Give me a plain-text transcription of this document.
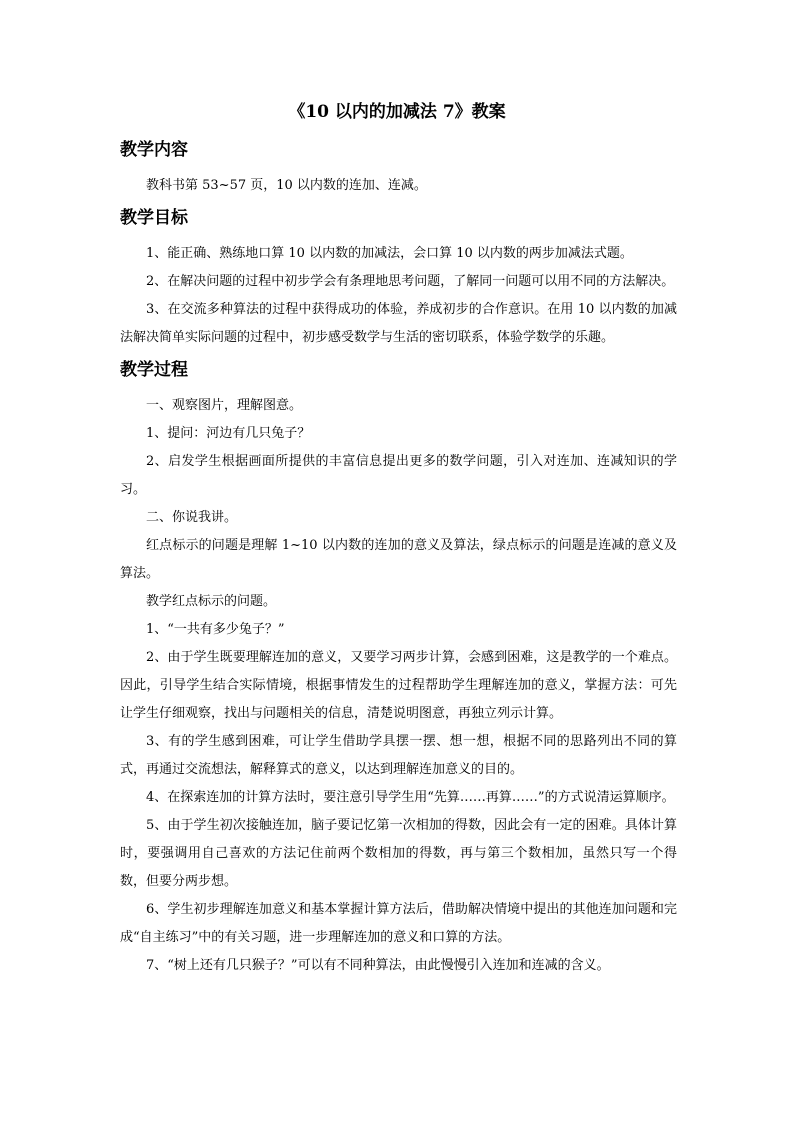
《10 以内的加减法 7》教案
教学内容

教科书第 53~57 页，10 以内数的连加、连减。

教学目标

1、能正确、熟练地口算 10 以内数的加减法，会口算 10 以内数的两步加减法式题。

2、在解决问题的过程中初步学会有条理地思考问题，了解同一问题可以用不同的方法解决。

3、在交流多种算法的过程中获得成功的体验，养成初步的合作意识。在用 10 以内数的加减法解决简单实际问题的过程中，初步感受数学与生活的密切联系，体验学数学的乐趣。

教学过程

一、观察图片，理解图意。

1、提问：河边有几只兔子？

2、启发学生根据画面所提供的丰富信息提出更多的数学问题，引入对连加、连减知识的学习。

二、你说我讲。

红点标示的问题是理解 1~10 以内数的连加的意义及算法，绿点标示的问题是连减的意义及算法。

教学红点标示的问题。

1、“一共有多少兔子？”

2、由于学生既要理解连加的意义，又要学习两步计算，会感到困难，这是教学的一个难点。因此，引导学生结合实际情境，根据事情发生的过程帮助学生理解连加的意义，掌握方法：可先让学生仔细观察，找出与问题相关的信息，清楚说明图意，再独立列示计算。

3、有的学生感到困难，可让学生借助学具摆一摆、想一想，根据不同的思路列出不同的算式，再通过交流想法，解释算式的意义，以达到理解连加意义的目的。

4、在探索连加的计算方法时，要注意引导学生用“先算……再算……”的方式说清运算顺序。

5、由于学生初次接触连加，脑子要记忆第一次相加的得数，因此会有一定的困难。具体计算时，要强调用自己喜欢的方法记住前两个数相加的得数，再与第三个数相加，虽然只写一个得数，但要分两步想。

6、学生初步理解连加意义和基本掌握计算方法后，借助解决情境中提出的其他连加问题和完成“自主练习”中的有关习题，进一步理解连加的意义和口算的方法。

7、“树上还有几只猴子？”可以有不同种算法，由此慢慢引入连加和连减的含义。
